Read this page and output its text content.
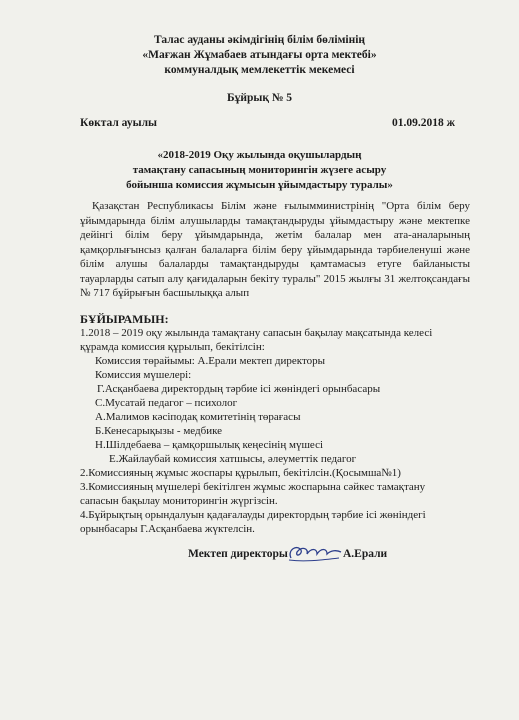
Талас ауданы әкімдігінің білім бөлімінің
«Мағжан Жұмабаев атындағы орта мектебі»
коммуналдық мемлекеттік мекемесі
Бұйрық № 5
Көктал ауылы	01.09.2018 ж
«2018-2019 Оқу жылында оқушылардың
тамақтану сапасының мониторингін жүзеге асыру
бойынша комиссия жұмысын ұйымдастыру туралы»
Қазақстан Республикасы Білім және ғылымминистрінің "Орта білім беру ұйымдарында білім алушыларды тамақтандыруды ұйымдастыру және мектепке дейінгі білім беру ұйымдарында, жетім балалар мен ата-аналарының қамқорлығынсыз қалған балаларға білім беру ұйымдарында тәрбиеленуші және білім алушы балаларды тамақтандыруды қамтамасыз етуге байланысты тауарларды сатып алу қағидаларын бекіту туралы" 2015 жылғы 31 желтоқсандағы № 717 бұйрығын басшылыққа алып
БҰЙЫРАМЫН:
1.2018 – 2019 оқу жылында тамақтану сапасын бақылау мақсатында келесі
құрамда комиссия құрылып, бекітілсін:
Комиссия төрайымы: А.Ерали мектеп директоры
Комиссия мүшелері:
Г.Асқанбаева директордың тәрбие ісі жөніндегі орынбасары
С.Мусатай педагог – психолог
А.Малимов кәсіподақ комитетінің төрағасы
Б.Кенесарықызы - медбике
Н.Шілдебаева – қамқоршылық кеңесінің мүшесі
Е.Жайлаубай комиссия хатшысы, әлеуметтік педагог
2.Комиссияның жұмыс жоспары құрылып, бекітілсін.(Қосымша№1)
3.Комиссияның мүшелері бекітілген жұмыс жоспарына сәйкес тамақтану
сапасын бақылау мониторингін жүргізсін.
4.Бұйрықтың орындалуын қадағалауды директордың тәрбие ісі жөніндегі
орынбасары Г.Асқанбаева жүктелсін.
Мектеп директоры	А.Ерали
